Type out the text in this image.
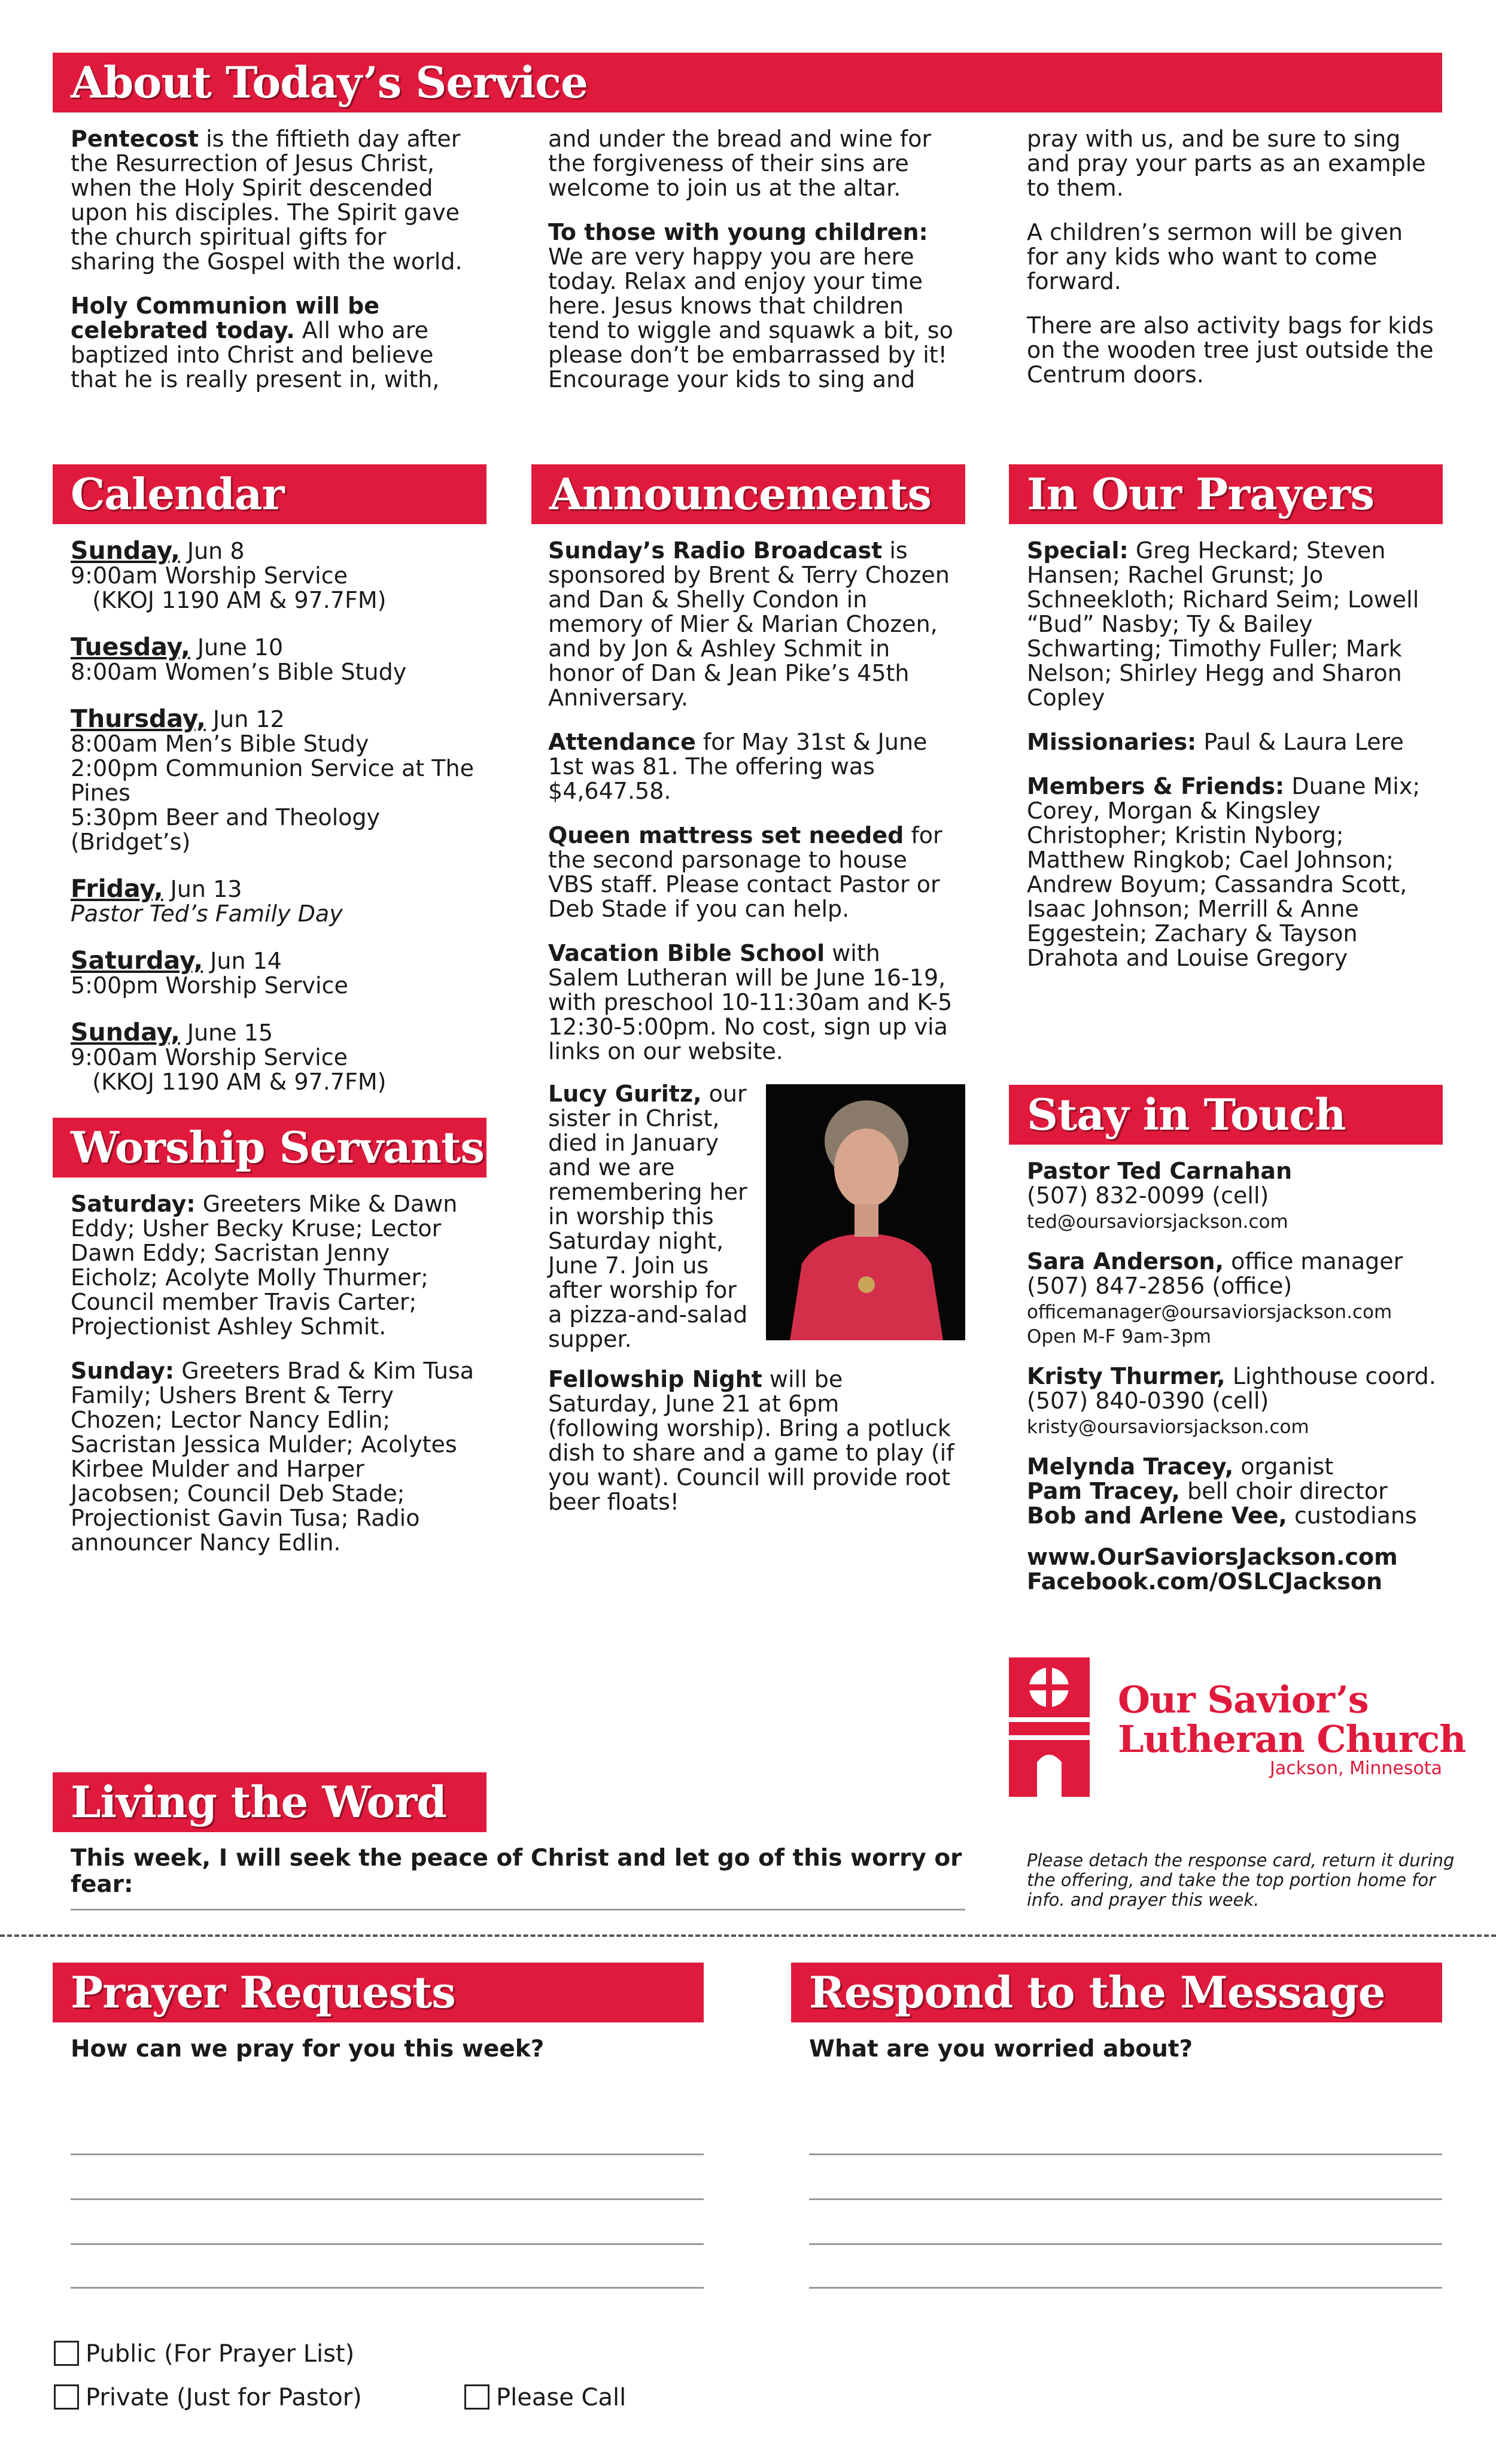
About Today’s Service

Pentecost is the fiftieth day after the Resurrection of Jesus Christ, when the Holy Spirit descended upon his disciples. The Spirit gave the church spiritual gifts for sharing the Gospel with the world.

Holy Communion will be celebrated today. All who are baptized into Christ and believe that he is really present in, with,

and under the bread and wine for the forgiveness of their sins are welcome to join us at the altar.

To those with young children: We are very happy you are here today. Relax and enjoy your time here. Jesus knows that children tend to wiggle and squawk a bit, so please don’t be embarrassed by it! Encourage your kids to sing and

pray with us, and be sure to sing and pray your parts as an example to them.

A children’s sermon will be given for any kids who want to come forward.

There are also activity bags for kids on the wooden tree just outside the Centrum doors.

Calendar

Sunday, Jun 8
9:00am Worship Service
(KKOJ 1190 AM & 97.7FM)

Tuesday, June 10
8:00am Women’s Bible Study

Thursday, Jun 12
8:00am Men’s Bible Study
2:00pm Communion Service at The Pines
5:30pm Beer and Theology (Bridget’s)

Friday, Jun 13
Pastor Ted’s Family Day

Saturday, Jun 14
5:00pm Worship Service

Sunday, June 15
9:00am Worship Service
(KKOJ 1190 AM & 97.7FM)

Worship Servants

Saturday: Greeters Mike & Dawn Eddy; Usher Becky Kruse; Lector Dawn Eddy; Sacristan Jenny Eicholz; Acolyte Molly Thurmer; Council member Travis Carter; Projectionist Ashley Schmit.

Sunday: Greeters Brad & Kim Tusa Family; Ushers Brent & Terry Chozen; Lector Nancy Edlin; Sacristan Jessica Mulder; Acolytes Kirbee Mulder and Harper Jacobsen; Council Deb Stade; Projectionist Gavin Tusa; Radio announcer Nancy Edlin.

Announcements

Sunday’s Radio Broadcast is sponsored by Brent & Terry Chozen and Dan & Shelly Condon in memory of Mier & Marian Chozen, and by Jon & Ashley Schmit in honor of Dan & Jean Pike’s 45th Anniversary.

Attendance for May 31st & June 1st was 81. The offering was $4,647.58.

Queen mattress set needed for the second parsonage to house VBS staff. Please contact Pastor or Deb Stade if you can help.

Vacation Bible School with Salem Lutheran will be June 16-19, with preschool 10-11:30am and K-5 12:30-5:00pm. No cost, sign up via links on our website.

Lucy Guritz, our sister in Christ, died in January and we are remembering her in worship this Saturday night, June 7. Join us after worship for a pizza-and-salad supper.

Fellowship Night will be Saturday, June 21 at 6pm (following worship). Bring a potluck dish to share and a game to play (if you want). Council will provide root beer floats!

In Our Prayers

Special: Greg Heckard; Steven Hansen; Rachel Grunst; Jo Schneekloth; Richard Seim; Lowell “Bud” Nasby; Ty & Bailey Schwarting; Timothy Fuller; Mark Nelson; Shirley Hegg and Sharon Copley

Missionaries: Paul & Laura Lere

Members & Friends: Duane Mix; Corey, Morgan & Kingsley Christopher; Kristin Nyborg; Matthew Ringkob; Cael Johnson; Andrew Boyum; Cassandra Scott, Isaac Johnson; Merrill & Anne Eggestein; Zachary & Tayson Drahota and Louise Gregory

Stay in Touch

Pastor Ted Carnahan
(507) 832-0099 (cell)
ted@oursaviorsjackson.com

Sara Anderson, office manager
(507) 847-2856 (office)
officemanager@oursaviorsjackson.com
Open M-F 9am-3pm

Kristy Thurmer, Lighthouse coord.
(507) 840-0390 (cell)
kristy@oursaviorsjackson.com

Melynda Tracey, organist
Pam Tracey, bell choir director
Bob and Arlene Vee, custodians

www.OurSaviorsJackson.com
Facebook.com/OSLCJackson

Our Savior’s
Lutheran Church
Jackson, Minnesota
Living the Word
This week, I will seek the peace of Christ and let go of this worry or fear:
Please detach the response card, return it during the offering, and take the top portion home for info. and prayer this week.
Prayer Requests
How can we pray for you this week?
Respond to the Message
What are you worried about?
Public (For Prayer List)
Private (Just for Pastor)	Please Call
